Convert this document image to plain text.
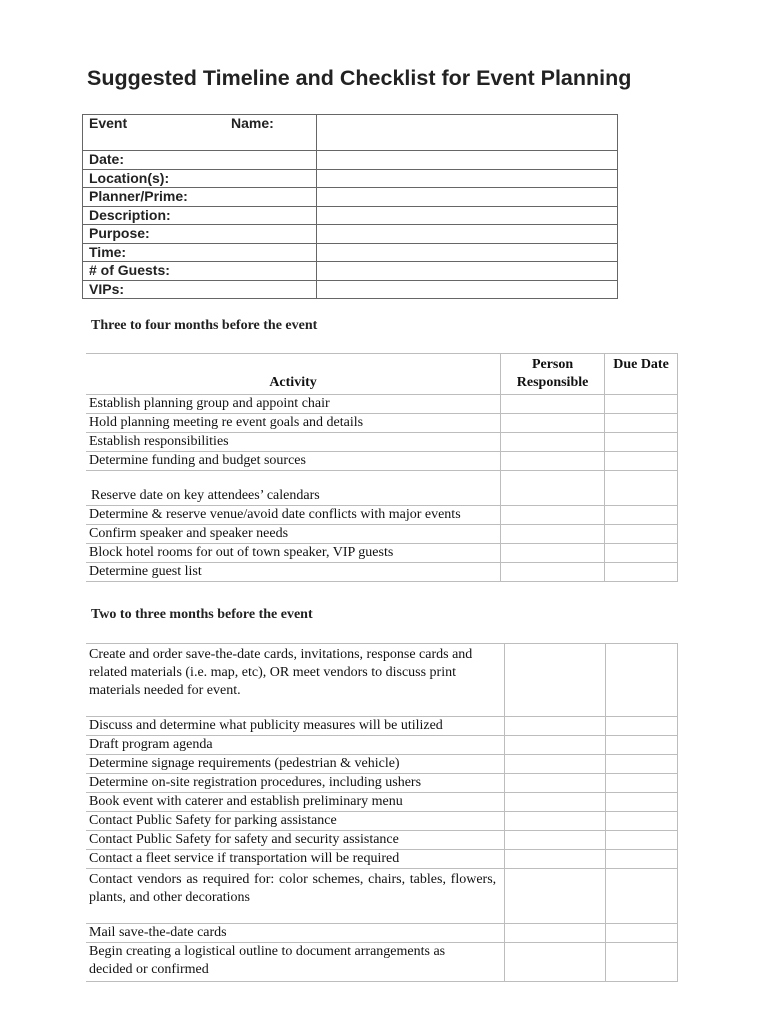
Suggested Timeline and Checklist for Event Planning
Event Name:	
Date:	
Location(s):	
Planner/Prime:	
Description:	
Purpose:	
Time:	
# of Guests:	
VIPs:	
Three to four months before the event
Activity	Person Responsible	Due Date
Establish planning group and appoint chair		
Hold planning meeting re event goals and details		
Establish responsibilities		
Determine funding and budget sources		
Reserve date on key attendees’ calendars		
Determine & reserve venue/avoid date conflicts with major events		
Confirm speaker and speaker needs		
Block hotel rooms for out of town speaker, VIP guests		
Determine guest list		
Two to three months before the event
Create and order save-the-date cards, invitations, response cards and related materials (i.e. map, etc), OR meet vendors to discuss print materials needed for event.		
Discuss and determine what publicity measures will be utilized		
Draft program agenda		
Determine signage requirements (pedestrian & vehicle)		
Determine on-site registration procedures, including ushers		
Book event with caterer and establish preliminary menu		
Contact Public Safety for parking assistance		
Contact Public Safety for safety and security assistance		
Contact a fleet service if transportation will be required		
Contact vendors as required for: color schemes, chairs, tables, flowers, plants, and other decorations		
Mail save-the-date cards		
Begin creating a logistical outline to document arrangements as decided or confirmed		
